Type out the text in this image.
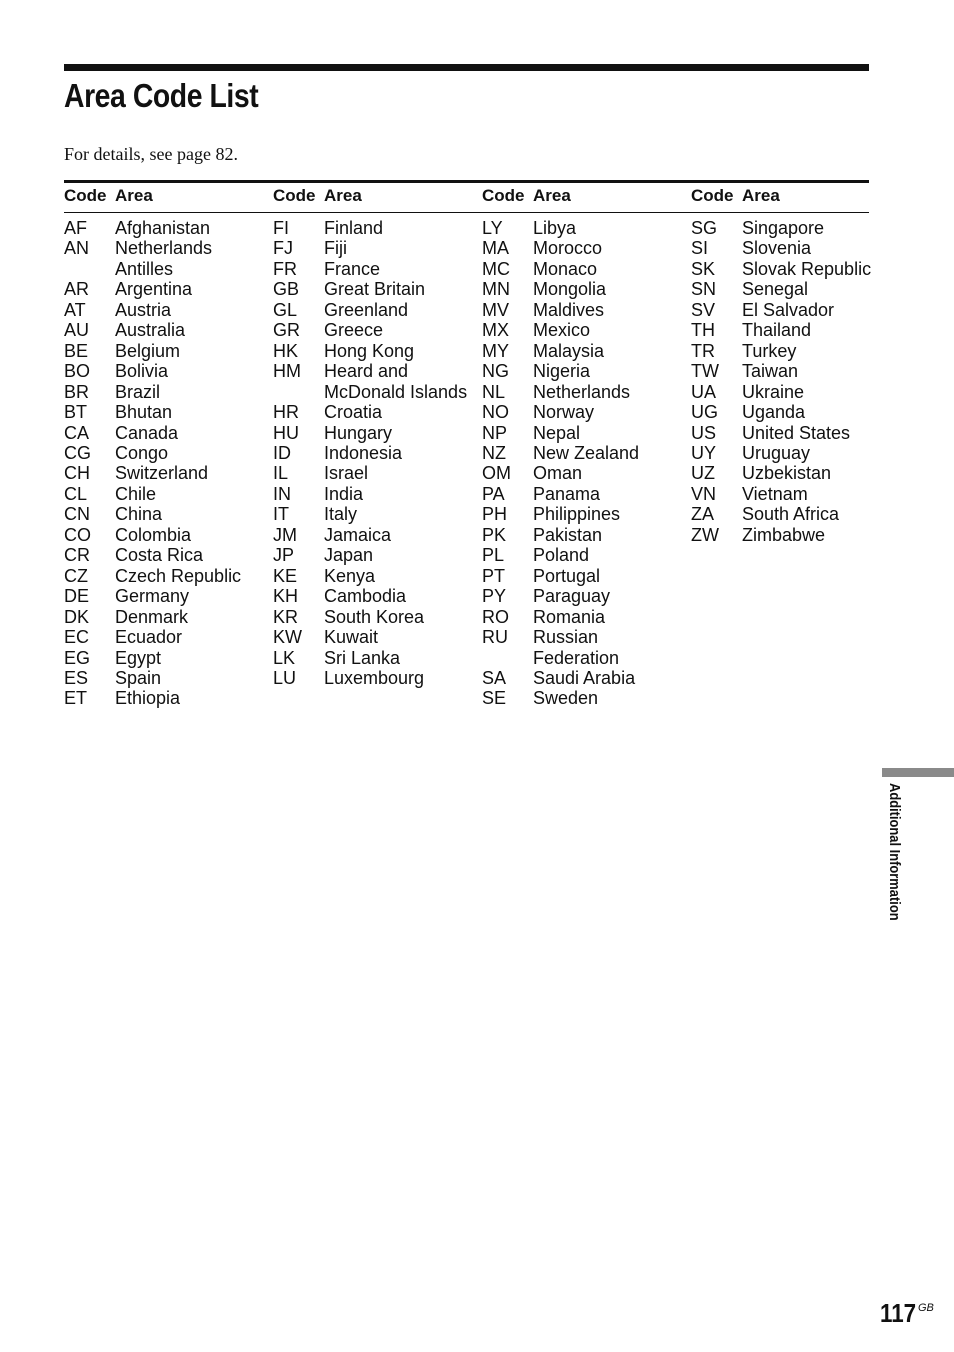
Area Code List

For details, see page 82.

Code Area
AF	Afghanistan
AN	Netherlands Antilles
AR	Argentina
AT	Austria
AU	Australia
BE	Belgium
BO	Bolivia
BR	Brazil
BT	Bhutan
CA	Canada
CG	Congo
CH	Switzerland
CL	Chile
CN	China
CO	Colombia
CR	Costa Rica
CZ	Czech Republic
DE	Germany
DK	Denmark
EC	Ecuador
EG	Egypt
ES	Spain
ET	Ethiopia
Code Area
FI	Finland
FJ	Fiji
FR	France
GB	Great Britain
GL	Greenland
GR	Greece
HK	Hong Kong
HM	Heard and McDonald Islands
HR	Croatia
HU	Hungary
ID	Indonesia
IL	Israel
IN	India
IT	Italy
JM	Jamaica
JP	Japan
KE	Kenya
KH	Cambodia
KR	South Korea
KW	Kuwait
LK	Sri Lanka
LU	Luxembourg
Code Area
LY	Libya
MA	Morocco
MC	Monaco
MN	Mongolia
MV	Maldives
MX	Mexico
MY	Malaysia
NG	Nigeria
NL	Netherlands
NO	Norway
NP	Nepal
NZ	New Zealand
OM	Oman
PA	Panama
PH	Philippines
PK	Pakistan
PL	Poland
PT	Portugal
PY	Paraguay
RO	Romania
RU	Russian Federation
SA	Saudi Arabia
SE	Sweden
Code Area
SG	Singapore
SI	Slovenia
SK	Slovak Republic
SN	Senegal
SV	El Salvador
TH	Thailand
TR	Turkey
TW	Taiwan
UA	Ukraine
UG	Uganda
US	United States
UY	Uruguay
UZ	Uzbekistan
VN	Vietnam
ZA	South Africa
ZW	Zimbabwe
Additional Information
117 $^{GB}$
